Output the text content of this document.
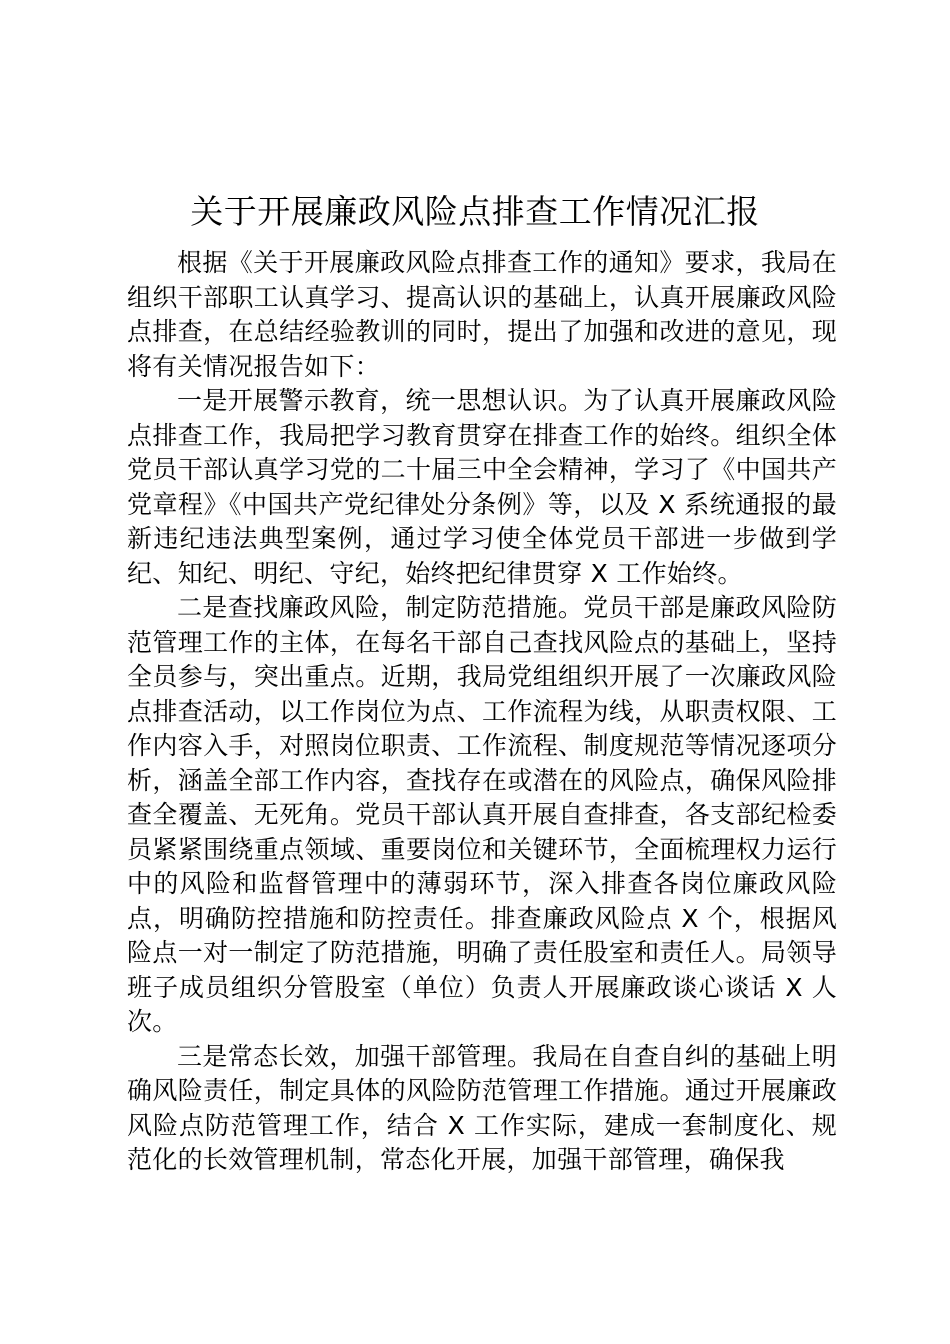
关于开展廉政风险点排查工作情况汇报

根据《关于开展廉政风险点排查工作的通知》要求，我局在组织干部职工认真学习、提高认识的基础上，认真开展廉政风险点排查，在总结经验教训的同时，提出了加强和改进的意见，现将有关情况报告如下：

一是开展警示教育，统一思想认识。为了认真开展廉政风险点排查工作，我局把学习教育贯穿在排查工作的始终。组织全体党员干部认真学习党的二十届三中全会精神，学习了《中国共产党章程》《中国共产党纪律处分条例》等，以及 X 系统通报的最新违纪违法典型案例，通过学习使全体党员干部进一步做到学纪、知纪、明纪、守纪，始终把纪律贯穿 X 工作始终。

二是查找廉政风险，制定防范措施。党员干部是廉政风险防范管理工作的主体，在每名干部自己查找风险点的基础上，坚持全员参与，突出重点。近期，我局党组组织开展了一次廉政风险点排查活动，以工作岗位为点、工作流程为线，从职责权限、工作内容入手，对照岗位职责、工作流程、制度规范等情况逐项分析，涵盖全部工作内容，查找存在或潜在的风险点，确保风险排查全覆盖、无死角。党员干部认真开展自查排查，各支部纪检委员紧紧围绕重点领域、重要岗位和关键环节，全面梳理权力运行中的风险和监督管理中的薄弱环节，深入排查各岗位廉政风险点，明确防控措施和防控责任。排查廉政风险点 X 个，根据风险点一对一制定了防范措施，明确了责任股室和责任人。局领导班子成员组织分管股室（单位）负责人开展廉政谈心谈话 X 人次。

三是常态长效，加强干部管理。我局在自查自纠的基础上明确风险责任，制定具体的风险防范管理工作措施。通过开展廉政风险点防范管理工作，结合 X 工作实际，建成一套制度化、规范化的长效管理机制，常态化开展，加强干部管理，确保我
